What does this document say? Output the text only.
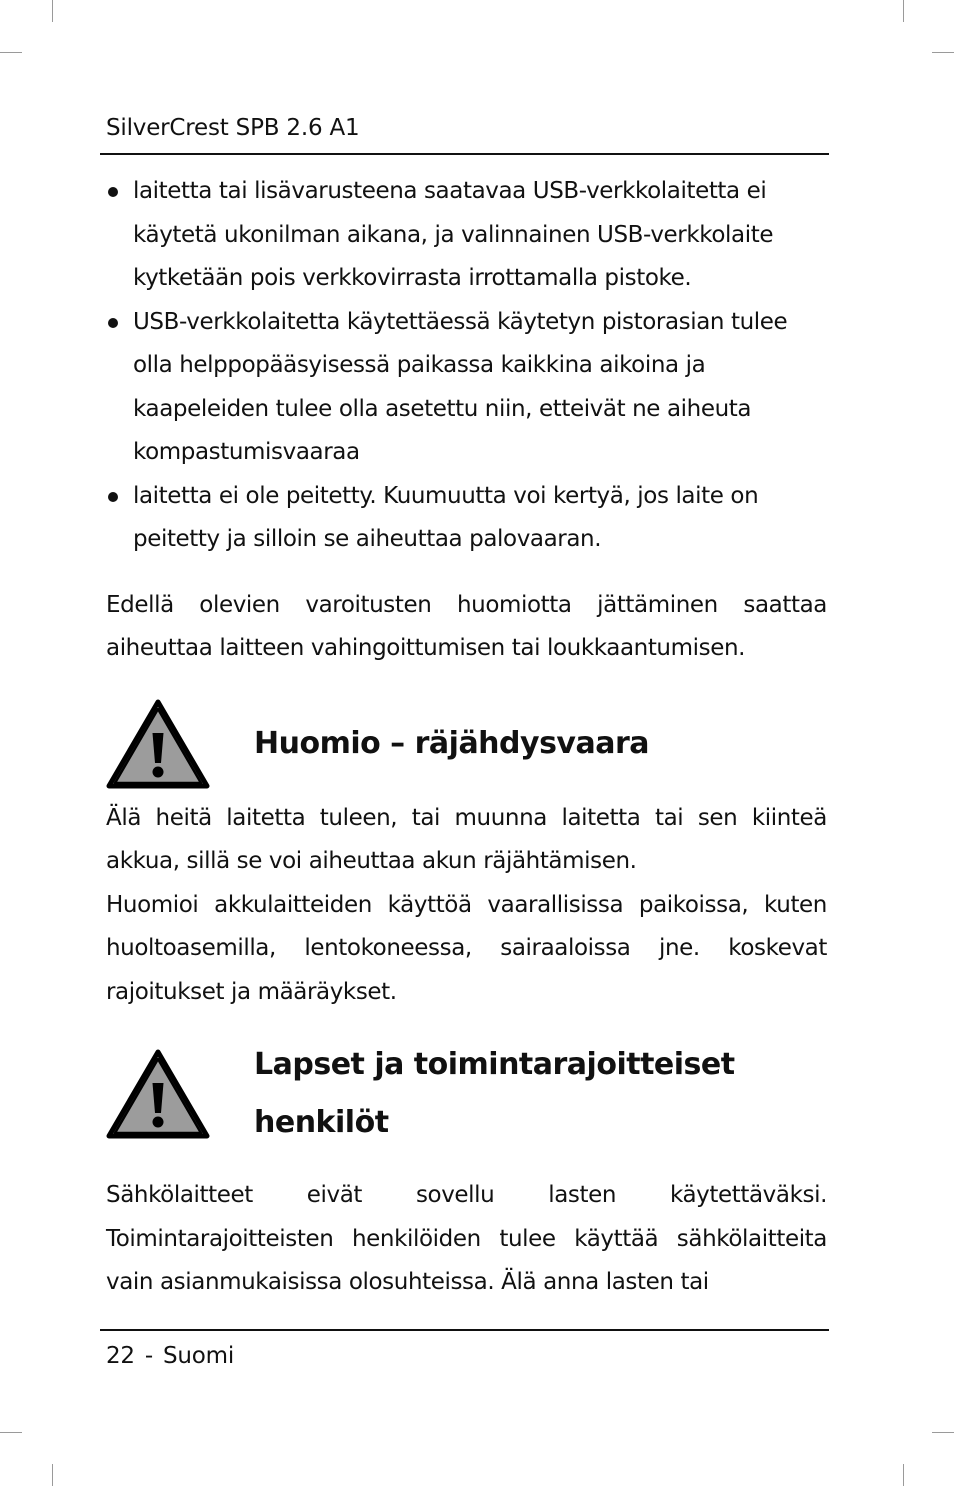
SilverCrest SPB 2.6 A1
laitetta tai lisävarusteena saatavaa USB-verkkolaitetta ei käytetä ukonilman aikana, ja valinnainen USB-verkkolaite kytketään pois verkkovirrasta irrottamalla pistoke.
USB-verkkolaitetta käytettäessä käytetyn pistorasian tulee olla helppopääsyisessä paikassa kaikkina aikoina ja kaapeleiden tulee olla asetettu niin, etteivät ne aiheuta kompastumisvaaraa
laitetta ei ole peitetty. Kuumuutta voi kertyä, jos laite on peitetty ja silloin se aiheuttaa palovaaran.

Edellä olevien varoitusten huomiotta jättäminen saattaa aiheuttaa laitteen vahingoittumisen tai loukkaantumisen.

Huomio – räjähdysvaara

Älä heitä laitetta tuleen, tai muunna laitetta tai sen kiinteä akkua, sillä se voi aiheuttaa akun räjähtämisen.

Huomioi akkulaitteiden käyttöä vaarallisissa paikoissa, kuten huoltoasemilla, lentokoneessa, sairaaloissa jne. koskevat rajoitukset ja määräykset.

Lapset ja toimintarajoitteiset
henkilöt

Sähkölaitteet eivät sovellu lasten käytettäväksi. Toimintarajoitteisten henkilöiden tulee käyttää sähkölaitteita vain asianmukaisissa olosuhteissa. Älä anna lasten tai

22 - Suomi
